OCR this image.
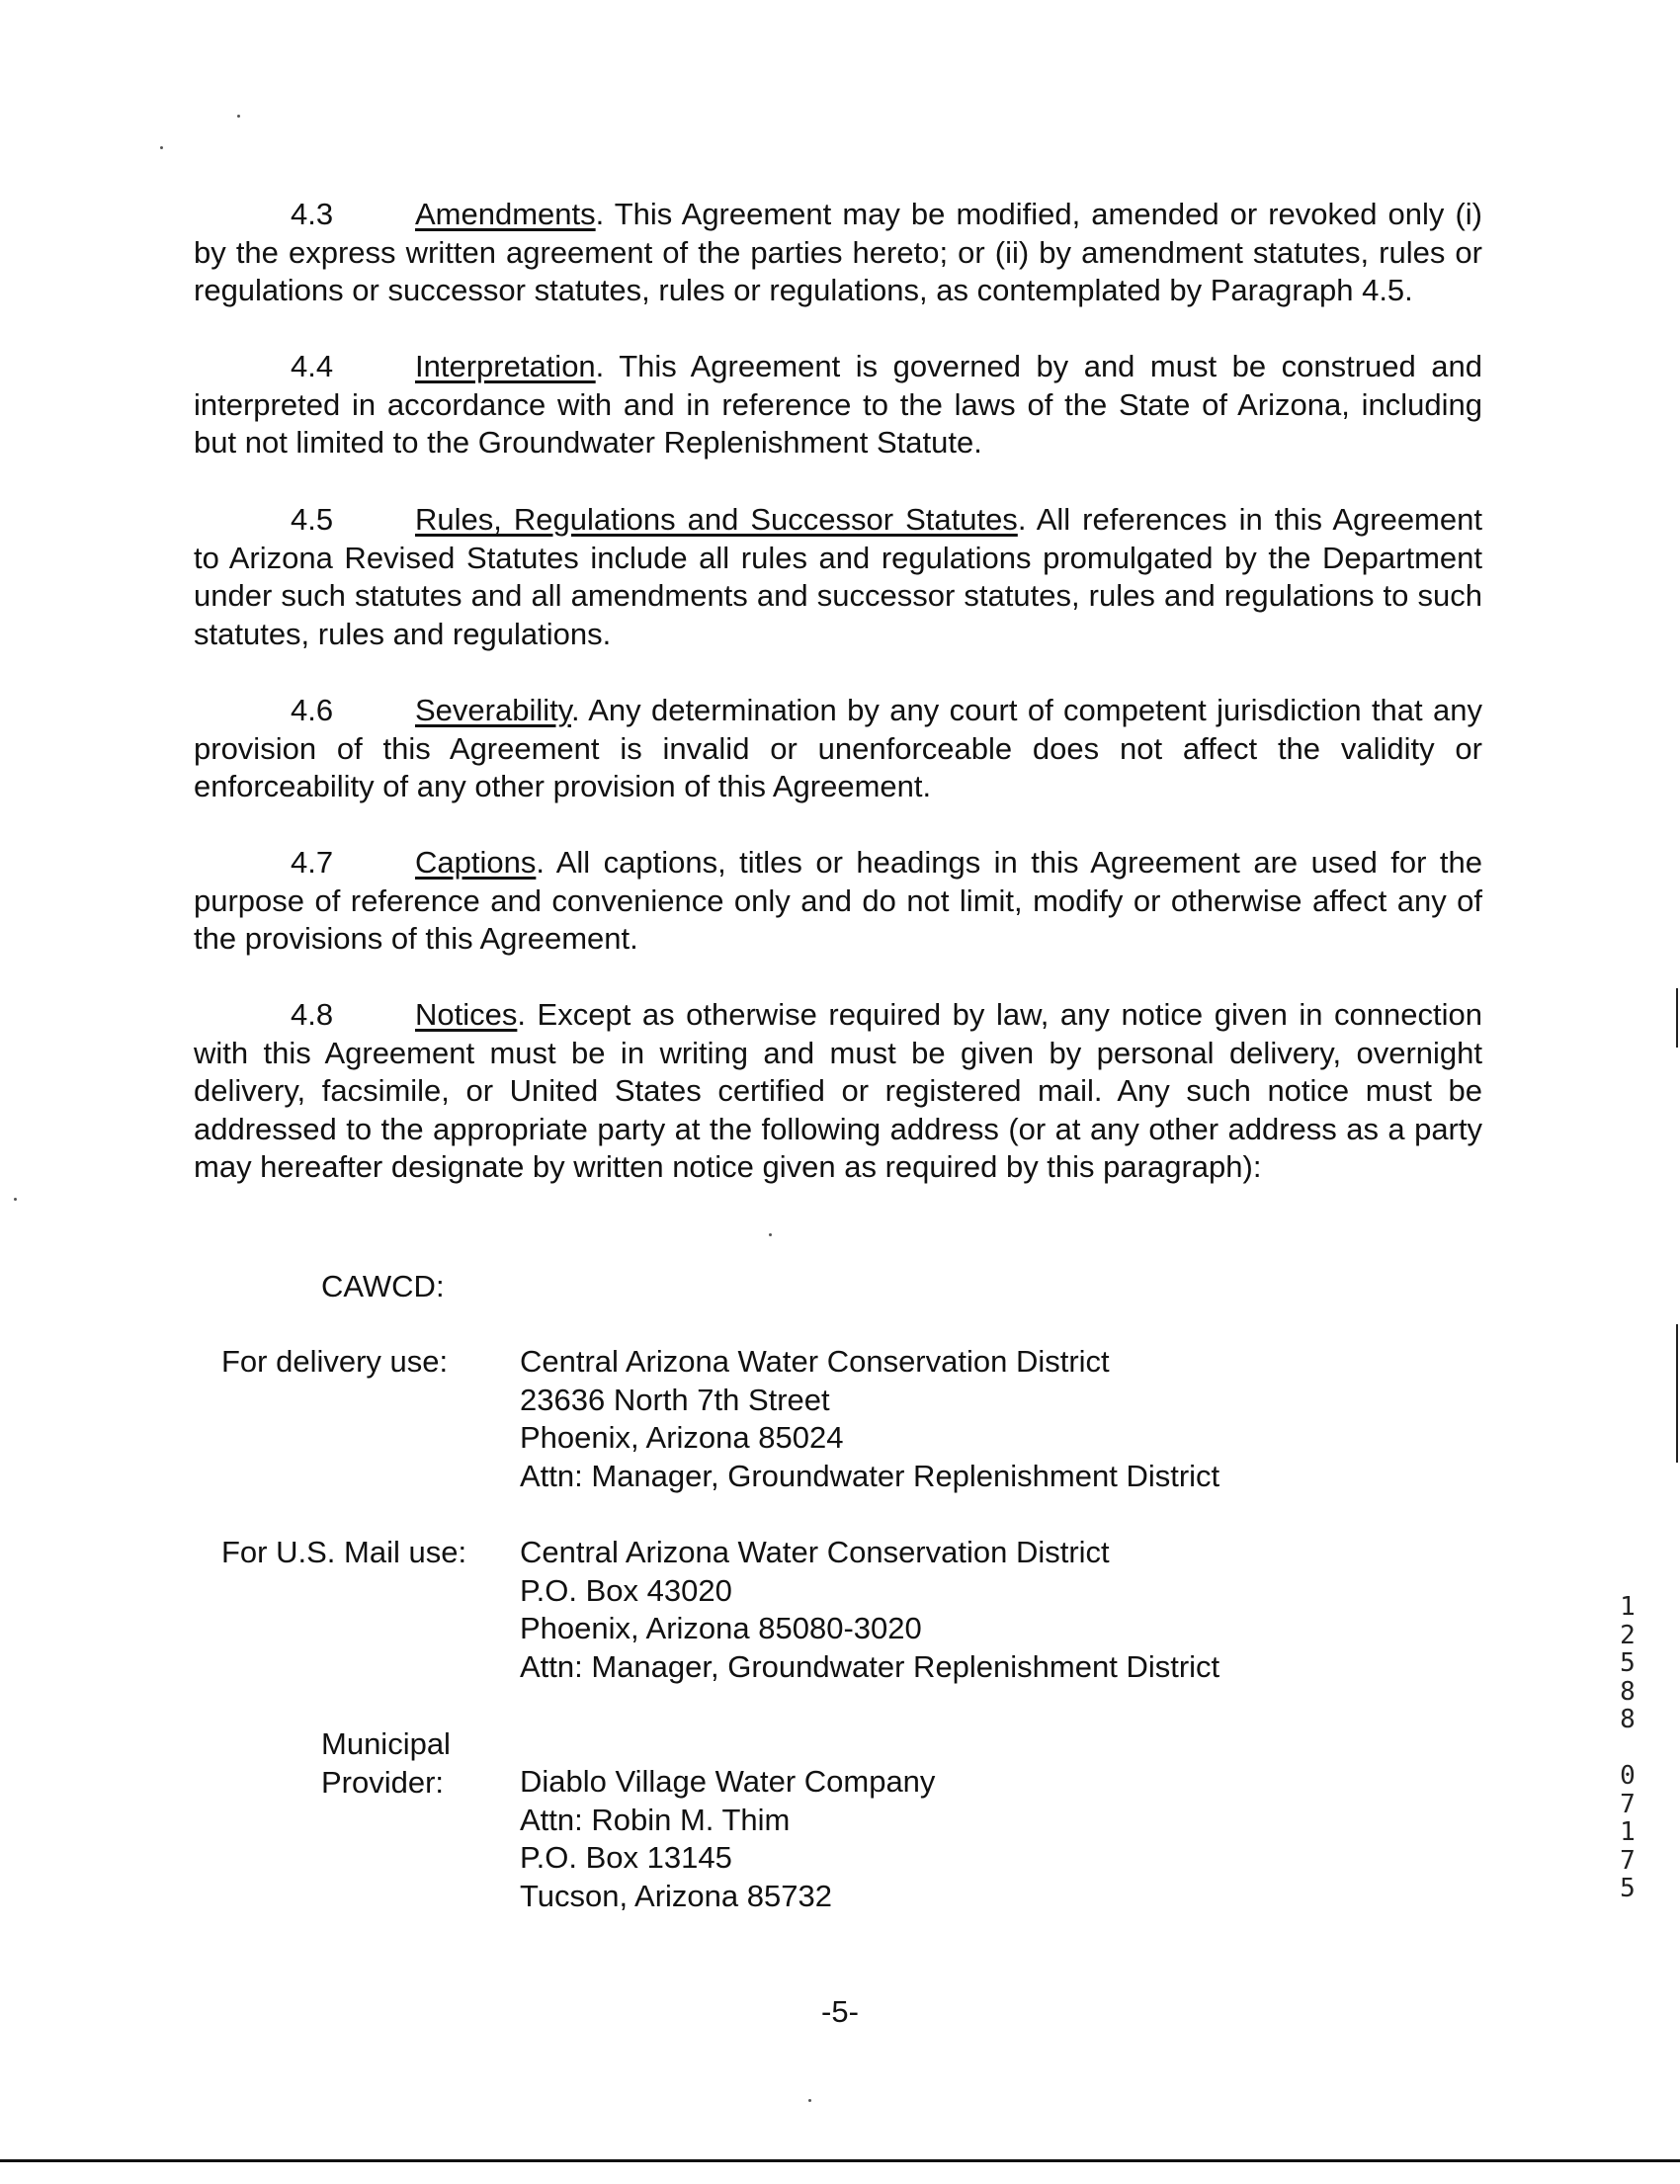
4.3	Amendments. This Agreement may be modified, amended or revoked only (i) by the express written agreement of the parties hereto; or (ii) by amendment statutes, rules or regulations or successor statutes, rules or regulations, as contemplated by Paragraph 4.5.

4.4	Interpretation. This Agreement is governed by and must be construed and interpreted in accordance with and in reference to the laws of the State of Arizona, including but not limited to the Groundwater Replenishment Statute.

4.5	Rules, Regulations and Successor Statutes. All references in this Agreement to Arizona Revised Statutes include all rules and regulations promulgated by the Department under such statutes and all amendments and successor statutes, rules and regulations to such statutes, rules and regulations.

4.6	Severability. Any determination by any court of competent jurisdiction that any provision of this Agreement is invalid or unenforceable does not affect the validity or enforceability of any other provision of this Agreement.

4.7	Captions. All captions, titles or headings in this Agreement are used for the purpose of reference and convenience only and do not limit, modify or otherwise affect any of the provisions of this Agreement.

4.8	Notices. Except as otherwise required by law, any notice given in connection with this Agreement must be in writing and must be given by personal delivery, overnight delivery, facsimile, or United States certified or registered mail. Any such notice must be addressed to the appropriate party at the following address (or at any other address as a party may hereafter designate by written notice given as required by this paragraph):

CAWCD:
For delivery use: Central Arizona Water Conservation District
23636 North 7th Street
Phoenix, Arizona 85024
Attn: Manager, Groundwater Replenishment District
For U.S. Mail use: Central Arizona Water Conservation District
P.O. Box 43020
Phoenix, Arizona 85080-3020
Attn: Manager, Groundwater Replenishment District
Municipal
Provider: Diablo Village Water Company
Attn: Robin M. Thim
P.O. Box 13145
Tucson, Arizona 85732
-5-
1
2
5
8
8
0
7
1
7
5
